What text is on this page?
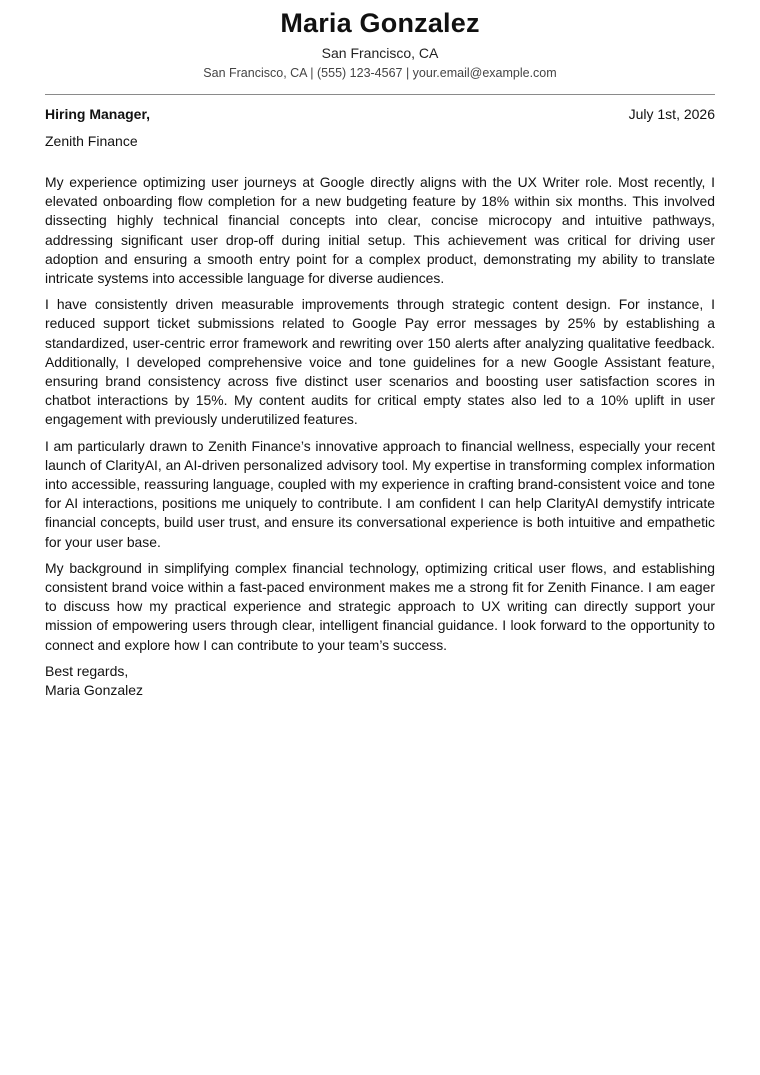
Maria Gonzalez
San Francisco, CA
San Francisco, CA | (555) 123-4567 | your.email@example.com
Hiring Manager,	July 1st, 2026
Zenith Finance

My experience optimizing user journeys at Google directly aligns with the UX Writer role. Most recently, I elevated onboarding flow completion for a new budgeting feature by 18% within six months. This involved dissecting highly technical financial concepts into clear, concise microcopy and intuitive pathways, addressing significant user drop-off during initial setup. This achievement was critical for driving user adoption and ensuring a smooth entry point for a complex product, demonstrating my ability to translate intricate systems into accessible language for diverse audiences.

I have consistently driven measurable improvements through strategic content design. For instance, I reduced support ticket submissions related to Google Pay error messages by 25% by establishing a standardized, user-centric error framework and rewriting over 150 alerts after analyzing qualitative feedback. Additionally, I developed comprehensive voice and tone guidelines for a new Google Assistant feature, ensuring brand consistency across five distinct user scenarios and boosting user satisfaction scores in chatbot interactions by 15%. My content audits for critical empty states also led to a 10% uplift in user engagement with previously underutilized features.

I am particularly drawn to Zenith Finance’s innovative approach to financial wellness, especially your recent launch of ClarityAI, an AI-driven personalized advisory tool. My expertise in transforming complex information into accessible, reassuring language, coupled with my experience in crafting brand-consistent voice and tone for AI interactions, positions me uniquely to contribute. I am confident I can help ClarityAI demystify intricate financial concepts, build user trust, and ensure its conversational experience is both intuitive and empathetic for your user base.

My background in simplifying complex financial technology, optimizing critical user flows, and establishing consistent brand voice within a fast-paced environment makes me a strong fit for Zenith Finance. I am eager to discuss how my practical experience and strategic approach to UX writing can directly support your mission of empowering users through clear, intelligent financial guidance. I look forward to the opportunity to connect and explore how I can contribute to your team’s success.

Best regards,
Maria Gonzalez
